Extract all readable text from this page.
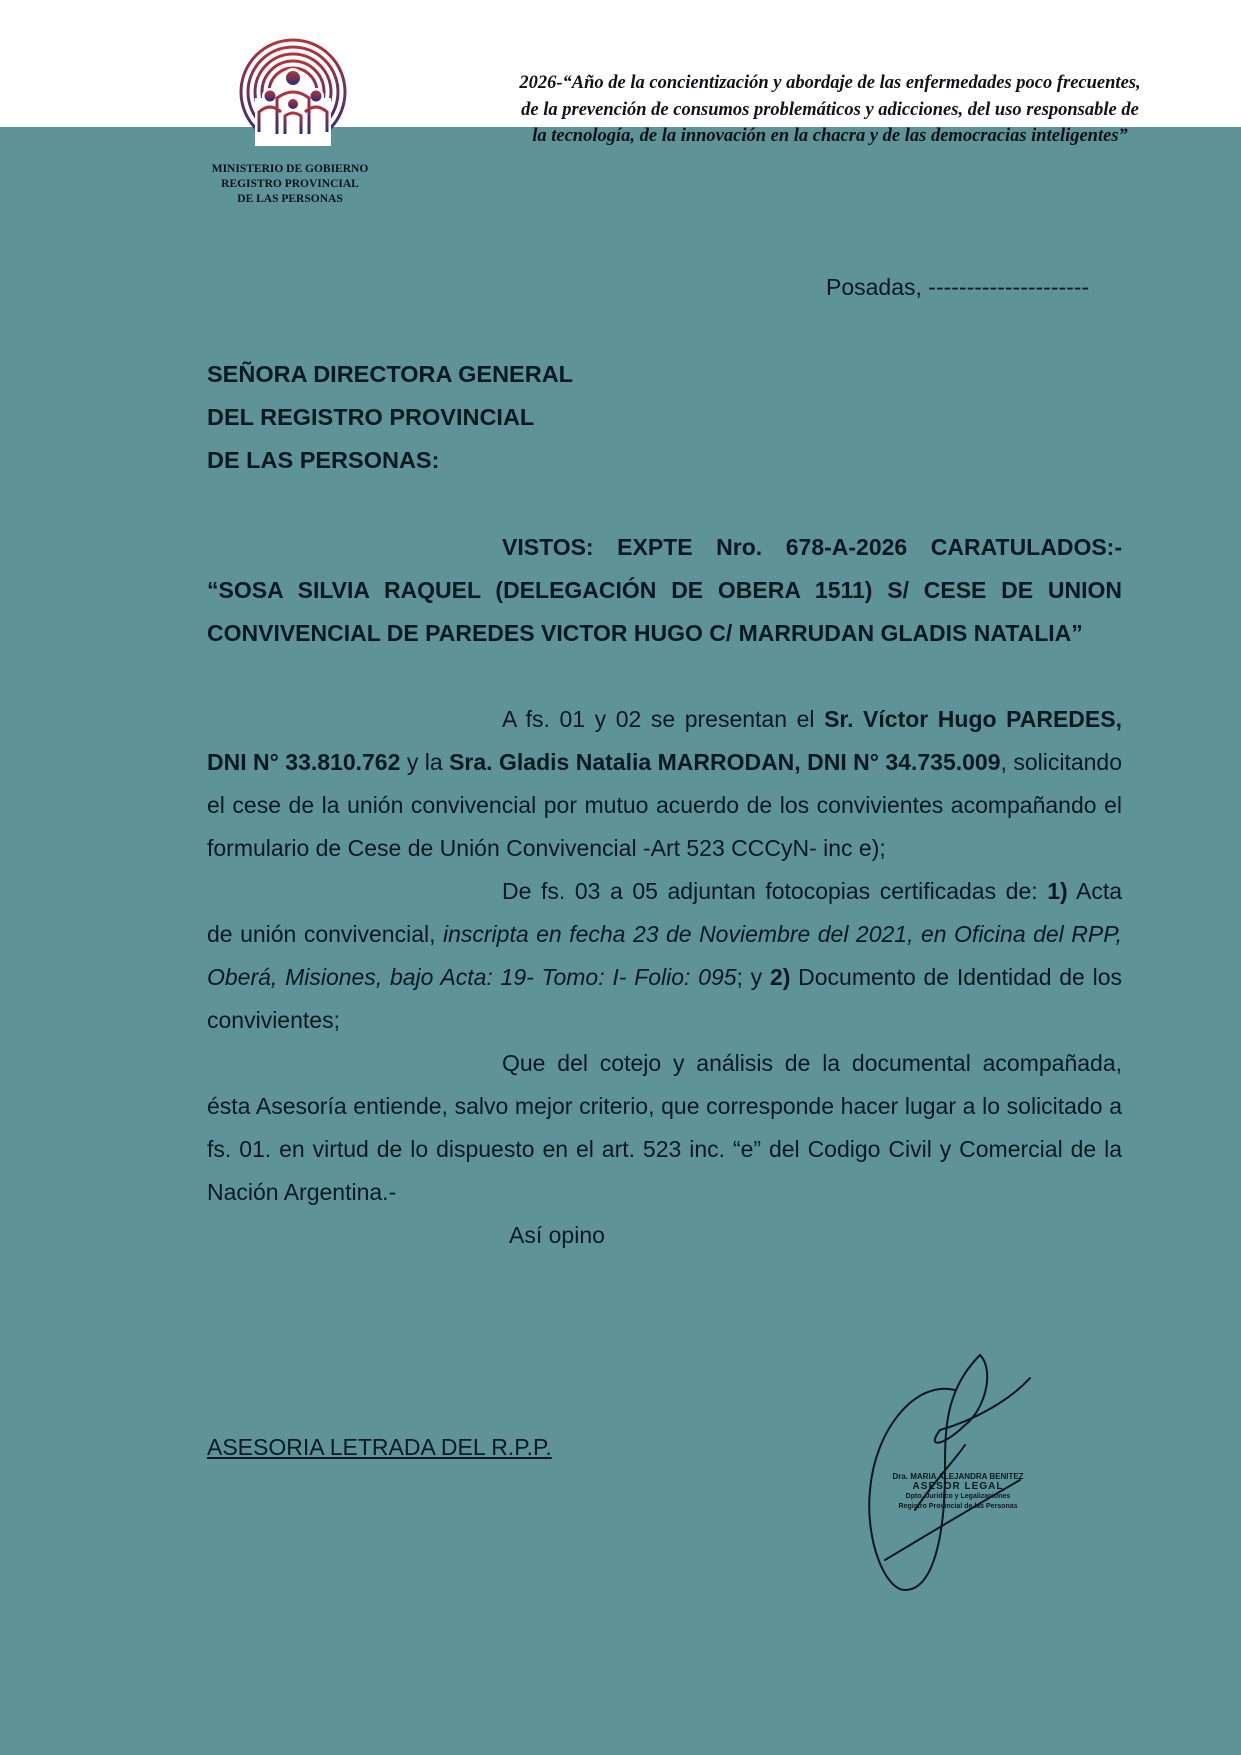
MINISTERIO DE GOBIERNO
REGISTRO PROVINCIAL
DE LAS PERSONAS
2026-“Año de la concientización y abordaje de las enfermedades poco frecuentes,
de la prevención de consumos problemáticos y adicciones, del uso responsable de
la tecnología, de la innovación en la chacra y de las democracias inteligentes”
Posadas, ---------------------
SEÑORA DIRECTORA GENERAL
DEL REGISTRO PROVINCIAL
DE LAS PERSONAS:

VISTOS: EXPTE Nro. 678-A-2026 CARATULADOS:- “SOSA SILVIA RAQUEL (DELEGACIÓN DE OBERA 1511) S/ CESE DE UNION CONVIVENCIAL DE PAREDES VICTOR HUGO C/ MARRUDAN GLADIS NATALIA”

A fs. 01 y 02 se presentan el Sr. Víctor Hugo PAREDES, DNI N° 33.810.762 y la Sra. Gladis Natalia MARRODAN, DNI N° 34.735.009, solicitando el cese de la unión convivencial por mutuo acuerdo de los convivientes acompañando el formulario de Cese de Unión Convivencial -Art 523 CCCyN- inc e);

De fs. 03 a 05 adjuntan fotocopias certificadas de: 1) Acta de unión convivencial, inscripta en fecha 23 de Noviembre del 2021, en Oficina del RPP, Oberá, Misiones, bajo Acta: 19- Tomo: I- Folio: 095; y 2) Documento de Identidad de los convivientes;

Que del cotejo y análisis de la documental acompañada, ésta Asesoría entiende, salvo mejor criterio, que corresponde hacer lugar a lo solicitado a fs. 01. en virtud de lo dispuesto en el art. 523 inc. “e” del Codigo Civil y Comercial de la Nación Argentina.-

Así opino

ASESORIA LETRADA DEL R.P.P.
Dra. MARIA ALEJANDRA BENITEZ
ASESOR LEGAL
Dpto. Jurídico y Legalizaciones
Registro Provincial de las Personas
